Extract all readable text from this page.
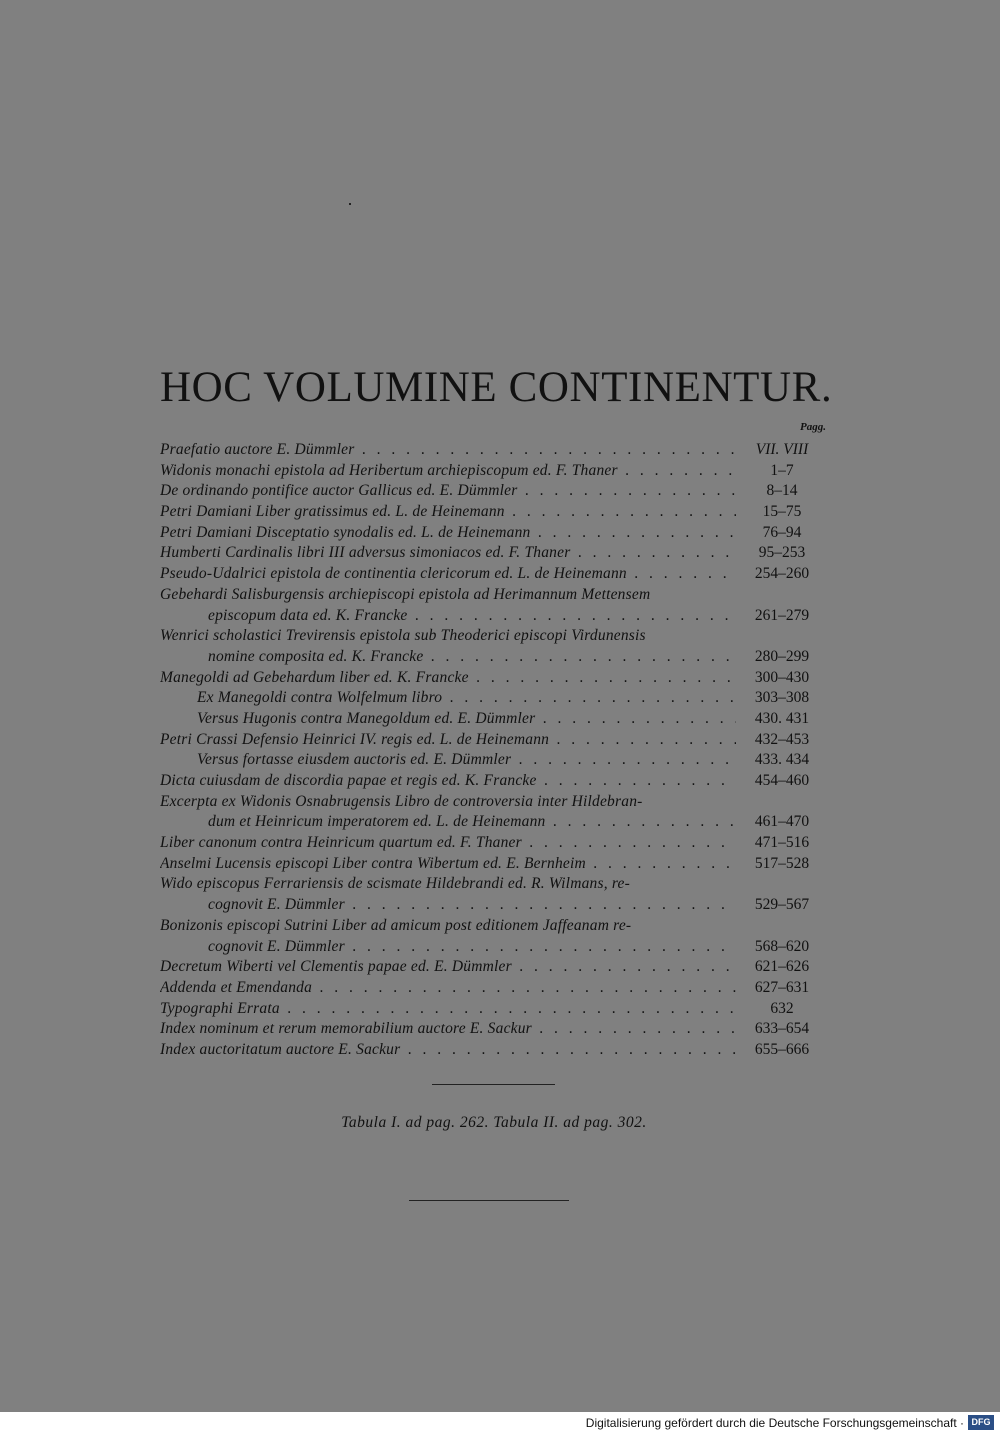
HOC VOLUMINE CONTINENTUR.
Pagg.
Praefatio auctore E. Dümmler . . .	VII. VIII
Widonis monachi epistola ad Heribertum archiepiscopum ed. F. Thaner . . .	1–7
De ordinando pontifice auctor Gallicus ed. E. Dümmler . . .	8–14
Petri Damiani Liber gratissimus ed. L. de Heinemann . . .	15–75
Petri Damiani Disceptatio synodalis ed. L. de Heinemann . . .	76–94
Humberti Cardinalis libri III adversus simoniacos ed. F. Thaner . . .	95–253
Pseudo-Udalrici epistola de continentia clericorum ed. L. de Heinemann . . .	254–260
Gebehardi Salisburgensis archiepiscopi epistola ad Herimannum Mettensem
episcopum data ed. K. Francke . . .	261–279
Wenrici scholastici Trevirensis epistola sub Theoderici episcopi Virdunensis
nomine composita ed. K. Francke . . .	280–299
Manegoldi ad Gebehardum liber ed. K. Francke . . .	300–430
Ex Manegoldi contra Wolfelmum libro . . .	303–308
Versus Hugonis contra Manegoldum ed. E. Dümmler . . .	430. 431
Petri Crassi Defensio Heinrici IV. regis ed. L. de Heinemann . . .	432–453
Versus fortasse eiusdem auctoris ed. E. Dümmler . . .	433. 434
Dicta cuiusdam de discordia papae et regis ed. K. Francke . . .	454–460
Excerpta ex Widonis Osnabrugensis Libro de controversia inter Hildebran-
dum et Heinricum imperatorem ed. L. de Heinemann . . .	461–470
Liber canonum contra Heinricum quartum ed. F. Thaner . . .	471–516
Anselmi Lucensis episcopi Liber contra Wibertum ed. E. Bernheim . . .	517–528
Wido episcopus Ferrariensis de scismate Hildebrandi ed. R. Wilmans, re-
cognovit E. Dümmler . . .	529–567
Bonizonis episcopi Sutrini Liber ad amicum post editionem Jaffeanam re-
cognovit E. Dümmler . . .	568–620
Decretum Wiberti vel Clementis papae ed. E. Dümmler . . .	621–626
Addenda et Emendanda . . .	627–631
Typographi Errata . . .	632
Index nominum et rerum memorabilium auctore E. Sackur . . .	633–654
Index auctoritatum auctore E. Sackur . . .	655–666
Tabula I. ad pag. 262. Tabula II. ad pag. 302.
Digitalisierung gefördert durch die Deutsche Forschungsgemeinschaft · DFG
